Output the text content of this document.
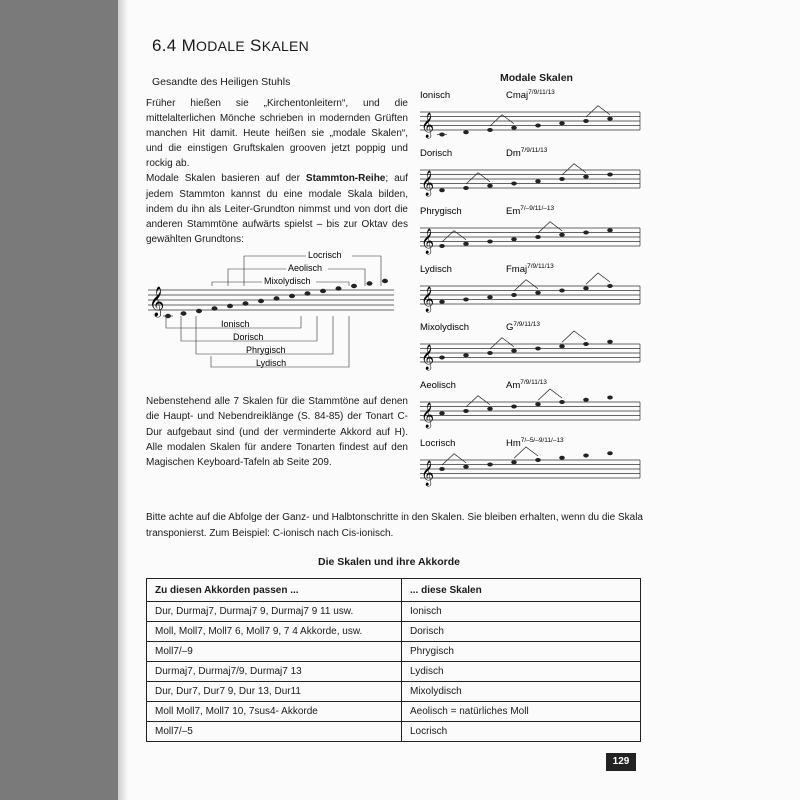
6.4 MODALE SKALEN
Gesandte des Heiligen Stuhls
Früher hießen sie „Kirchentonleitern“, und die mittelalterlichen Mönche schrieben in modernden Grüften manchen Hit damit. Heute heißen sie „modale Skalen“, und die einstigen Gruftskalen grooven jetzt poppig und rockig ab.
Modale Skalen basieren auf der Stammton-Reihe; auf jedem Stammton kannst du eine modale Skala bilden, indem du ihn als Leiter-Grundton nimmst und von dort die anderen Stammtöne aufwärts spielst – bis zur Oktav des gewählten Grundtons:
𝄞
Locrisch
Aeolisch
Mixolydisch
Ionisch
Dorisch
Phrygisch
Lydisch
Nebenstehend alle 7 Skalen für die Stammtöne auf denen die Haupt- und Nebendreiklänge (S. 84-85) der Tonart C-Dur aufgebaut sind (und der verminderte Akkord auf H). Alle modalen Skalen für andere Tonarten findest auf den Magischen Keyboard-Tafeln ab Seite 209.
Modale Skalen
Ionisch	Cmaj$^{7/9/11/13}$
𝄞
Dorisch	$Dm^{7/9/11/13}$
𝄞
Phrygisch	$Em^{7/-9/11/-13}$
𝄞
Lydisch	Fmaj$^{7/9/11/13}$
𝄞
Mixolydisch	$G^{7/9/11/13}$
𝄞
Aeolisch	$Am^{7/9/11/13}$
𝄞
Locrisch	$Hm^{7/-5/-9/11/-13}$
𝄞
Bitte achte auf die Abfolge der Ganz- und Halbtonschritte in den Skalen. Sie bleiben erhalten, wenn du die Skala transponierst. Zum Beispiel: C-ionisch nach Cis-ionisch.
Die Skalen und ihre Akkorde
Zu diesen Akkorden passen ...	... diese Skalen
Dur, Durmaj7, Durmaj7 9, Durmaj7 9 11 usw.	Ionisch
Moll, Moll7, Moll7 6, Moll7 9, 7 4 Akkorde, usw.	Dorisch
Moll7/–9	Phrygisch
Durmaj7, Durmaj7/9, Durmaj7 13	Lydisch
Dur, Dur7, Dur7 9, Dur 13, Dur11	Mixolydisch
Moll Moll7, Moll7 10, 7sus4- Akkorde	Aeolisch = natürliches Moll
Moll7/–5	Locrisch
129
